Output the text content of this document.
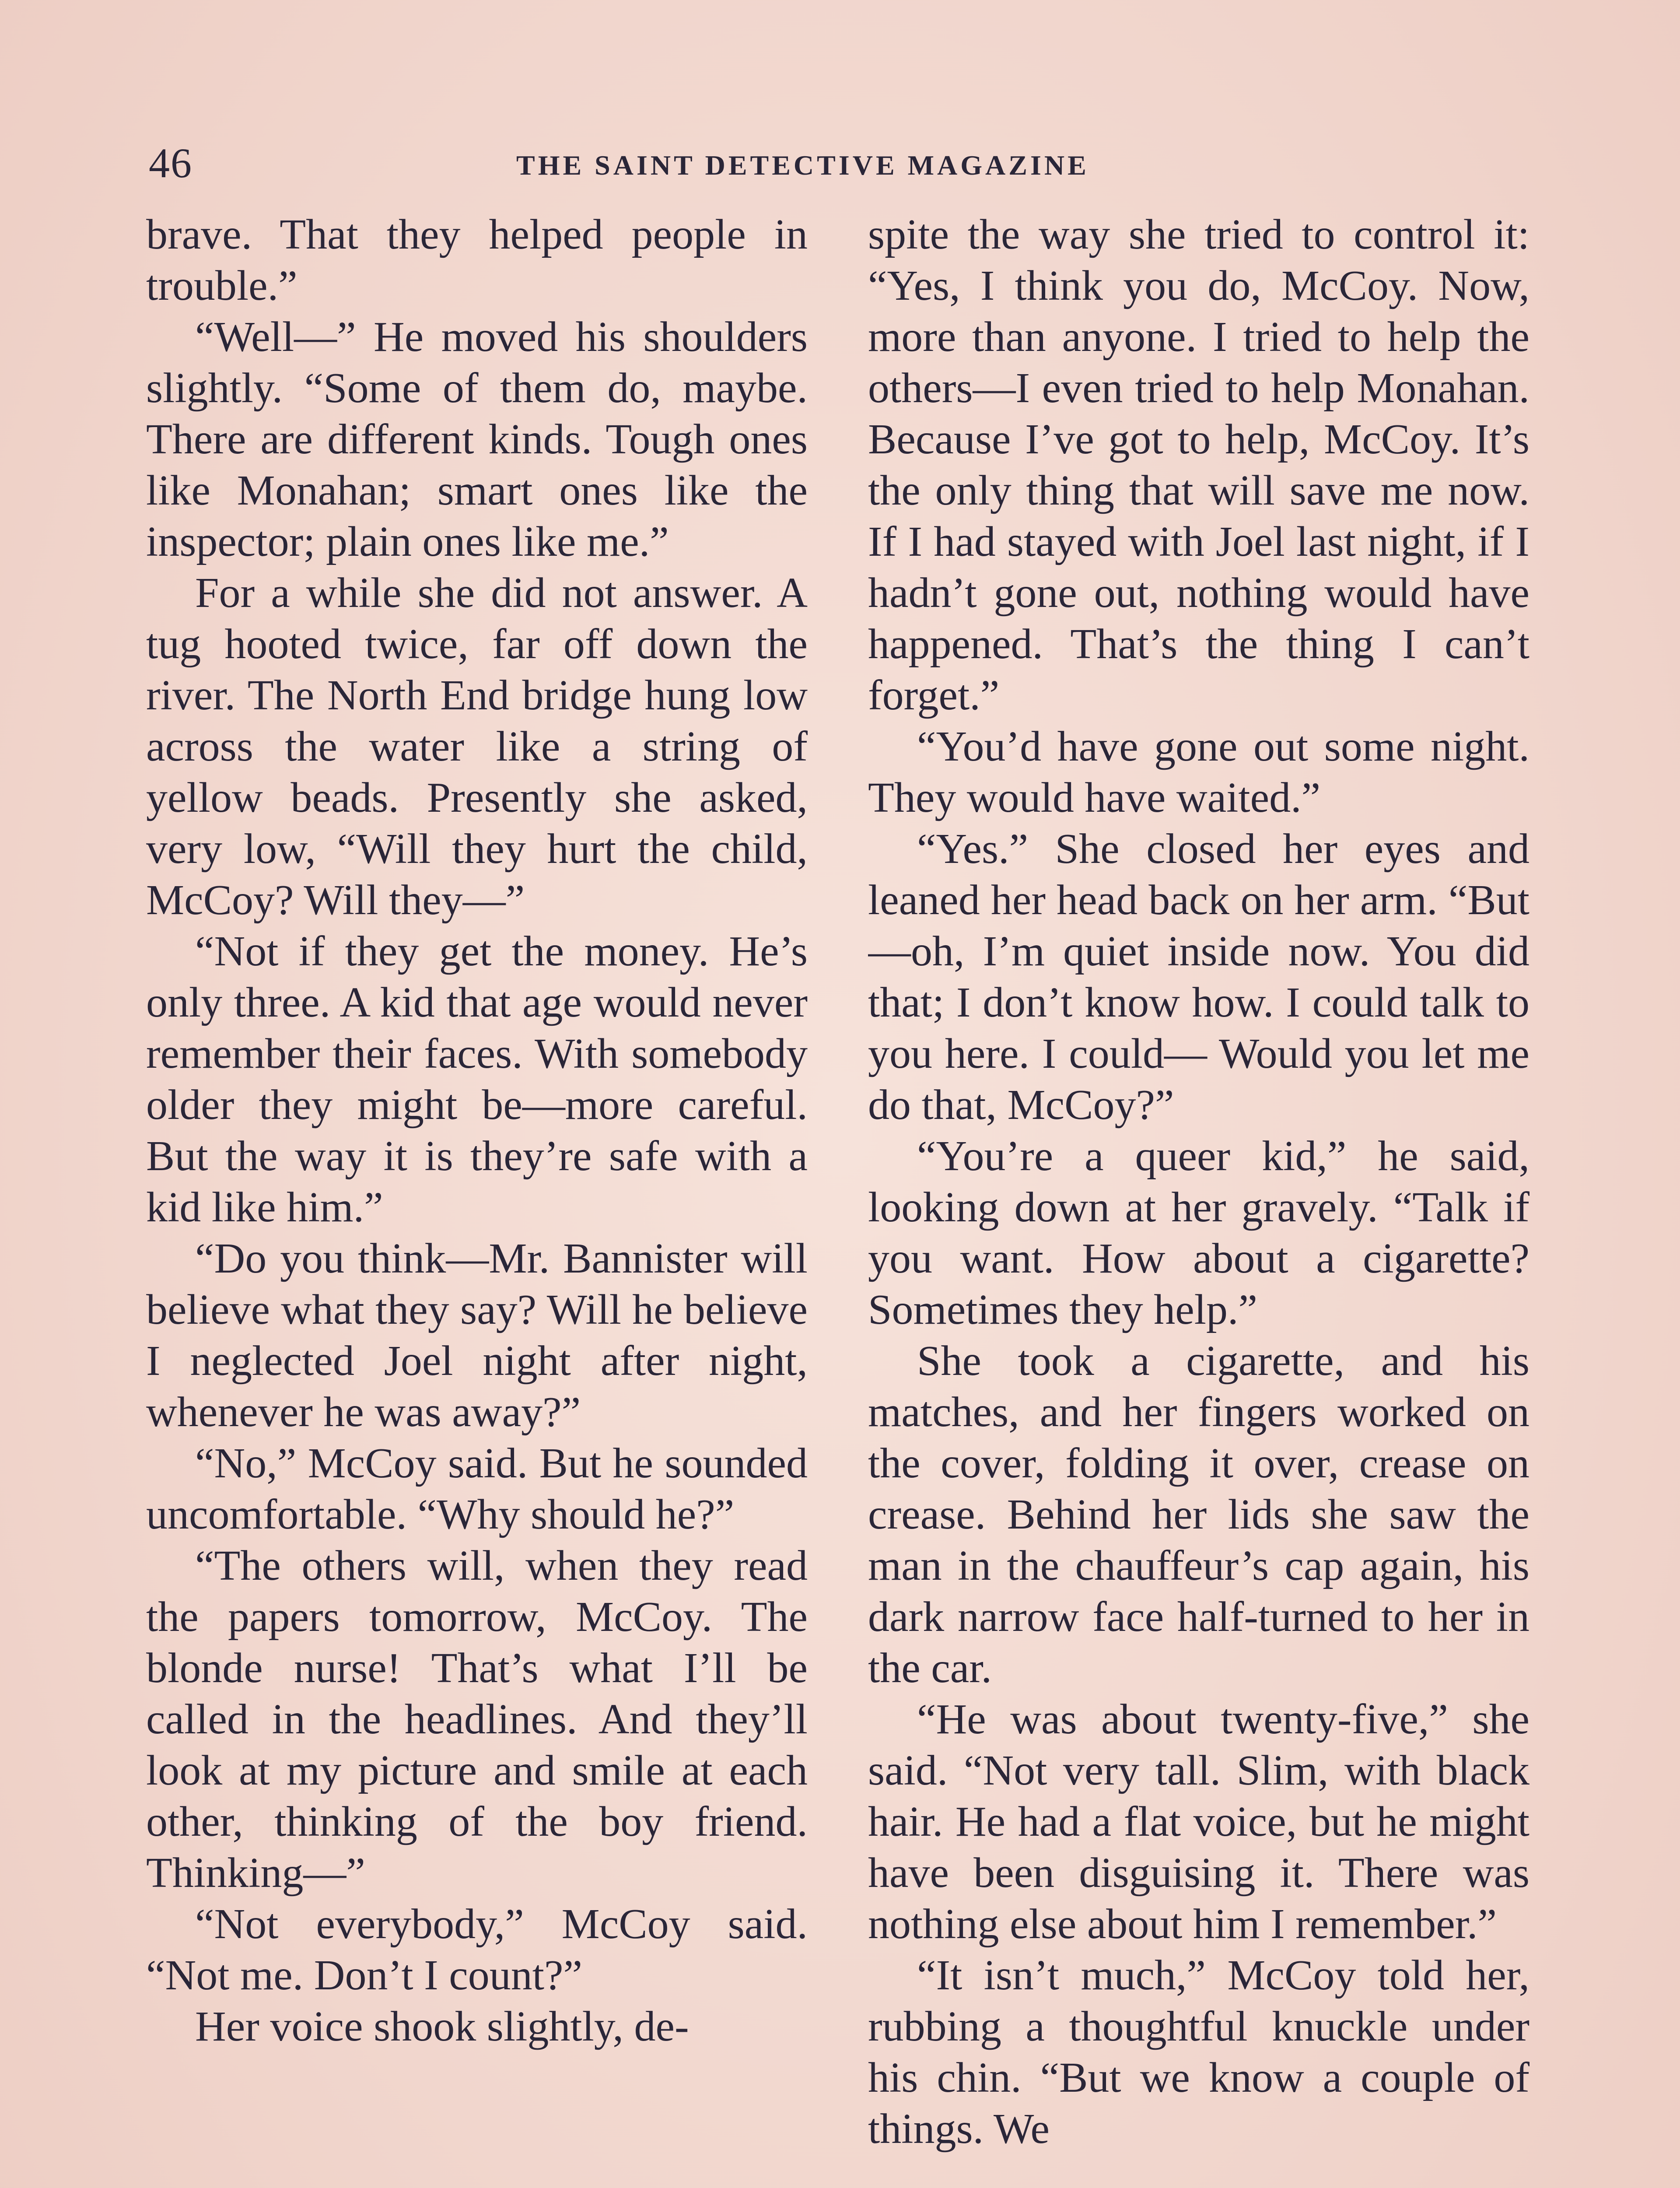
46	THE SAINT DETECTIVE MAGAZINE

brave. That they helped people in trouble.”

“Well—” He moved his shoulders slightly. “Some of them do, maybe. There are different kinds. Tough ones like Monahan; smart ones like the inspector; plain ones like me.”

For a while she did not answer. A tug hooted twice, far off down the river. The North End bridge hung low across the water like a string of yellow beads. Presently she asked, very low, “Will they hurt the child, McCoy? Will they—”

“Not if they get the money. He’s only three. A kid that age would never remember their faces. With somebody older they might be—more careful. But the way it is they’re safe with a kid like him.”

“Do you think—Mr. Bannister will believe what they say? Will he believe I neglected Joel night after night, whenever he was away?”

“No,” McCoy said. But he sounded uncomfortable. “Why should he?”

“The others will, when they read the papers tomorrow, McCoy. The blonde nurse! That’s what I’ll be called in the headlines. And they’ll look at my picture and smile at each other, thinking of the boy friend. Thinking—”

“Not everybody,” McCoy said. “Not me. Don’t I count?”

Her voice shook slightly, de-

spite the way she tried to control it: “Yes, I think you do, McCoy. Now, more than anyone. I tried to help the others—I even tried to help Monahan. Because I’ve got to help, McCoy. It’s the only thing that will save me now. If I had stayed with Joel last night, if I hadn’t gone out, nothing would have happened. That’s the thing I can’t forget.”

“You’d have gone out some night. They would have waited.”

“Yes.” She closed her eyes and leaned her head back on her arm. “But—oh, I’m quiet inside now. You did that; I don’t know how. I could talk to you here. I could— Would you let me do that, McCoy?”

“You’re a queer kid,” he said, looking down at her gravely. “Talk if you want. How about a cigarette? Sometimes they help.”

She took a cigarette, and his matches, and her fingers worked on the cover, folding it over, crease on crease. Behind her lids she saw the man in the chauffeur’s cap again, his dark narrow face half-turned to her in the car.

“He was about twenty-five,” she said. “Not very tall. Slim, with black hair. He had a flat voice, but he might have been disguising it. There was nothing else about him I remember.”

“It isn’t much,” McCoy told her, rubbing a thoughtful knuckle under his chin. “But we know a couple of things. We
